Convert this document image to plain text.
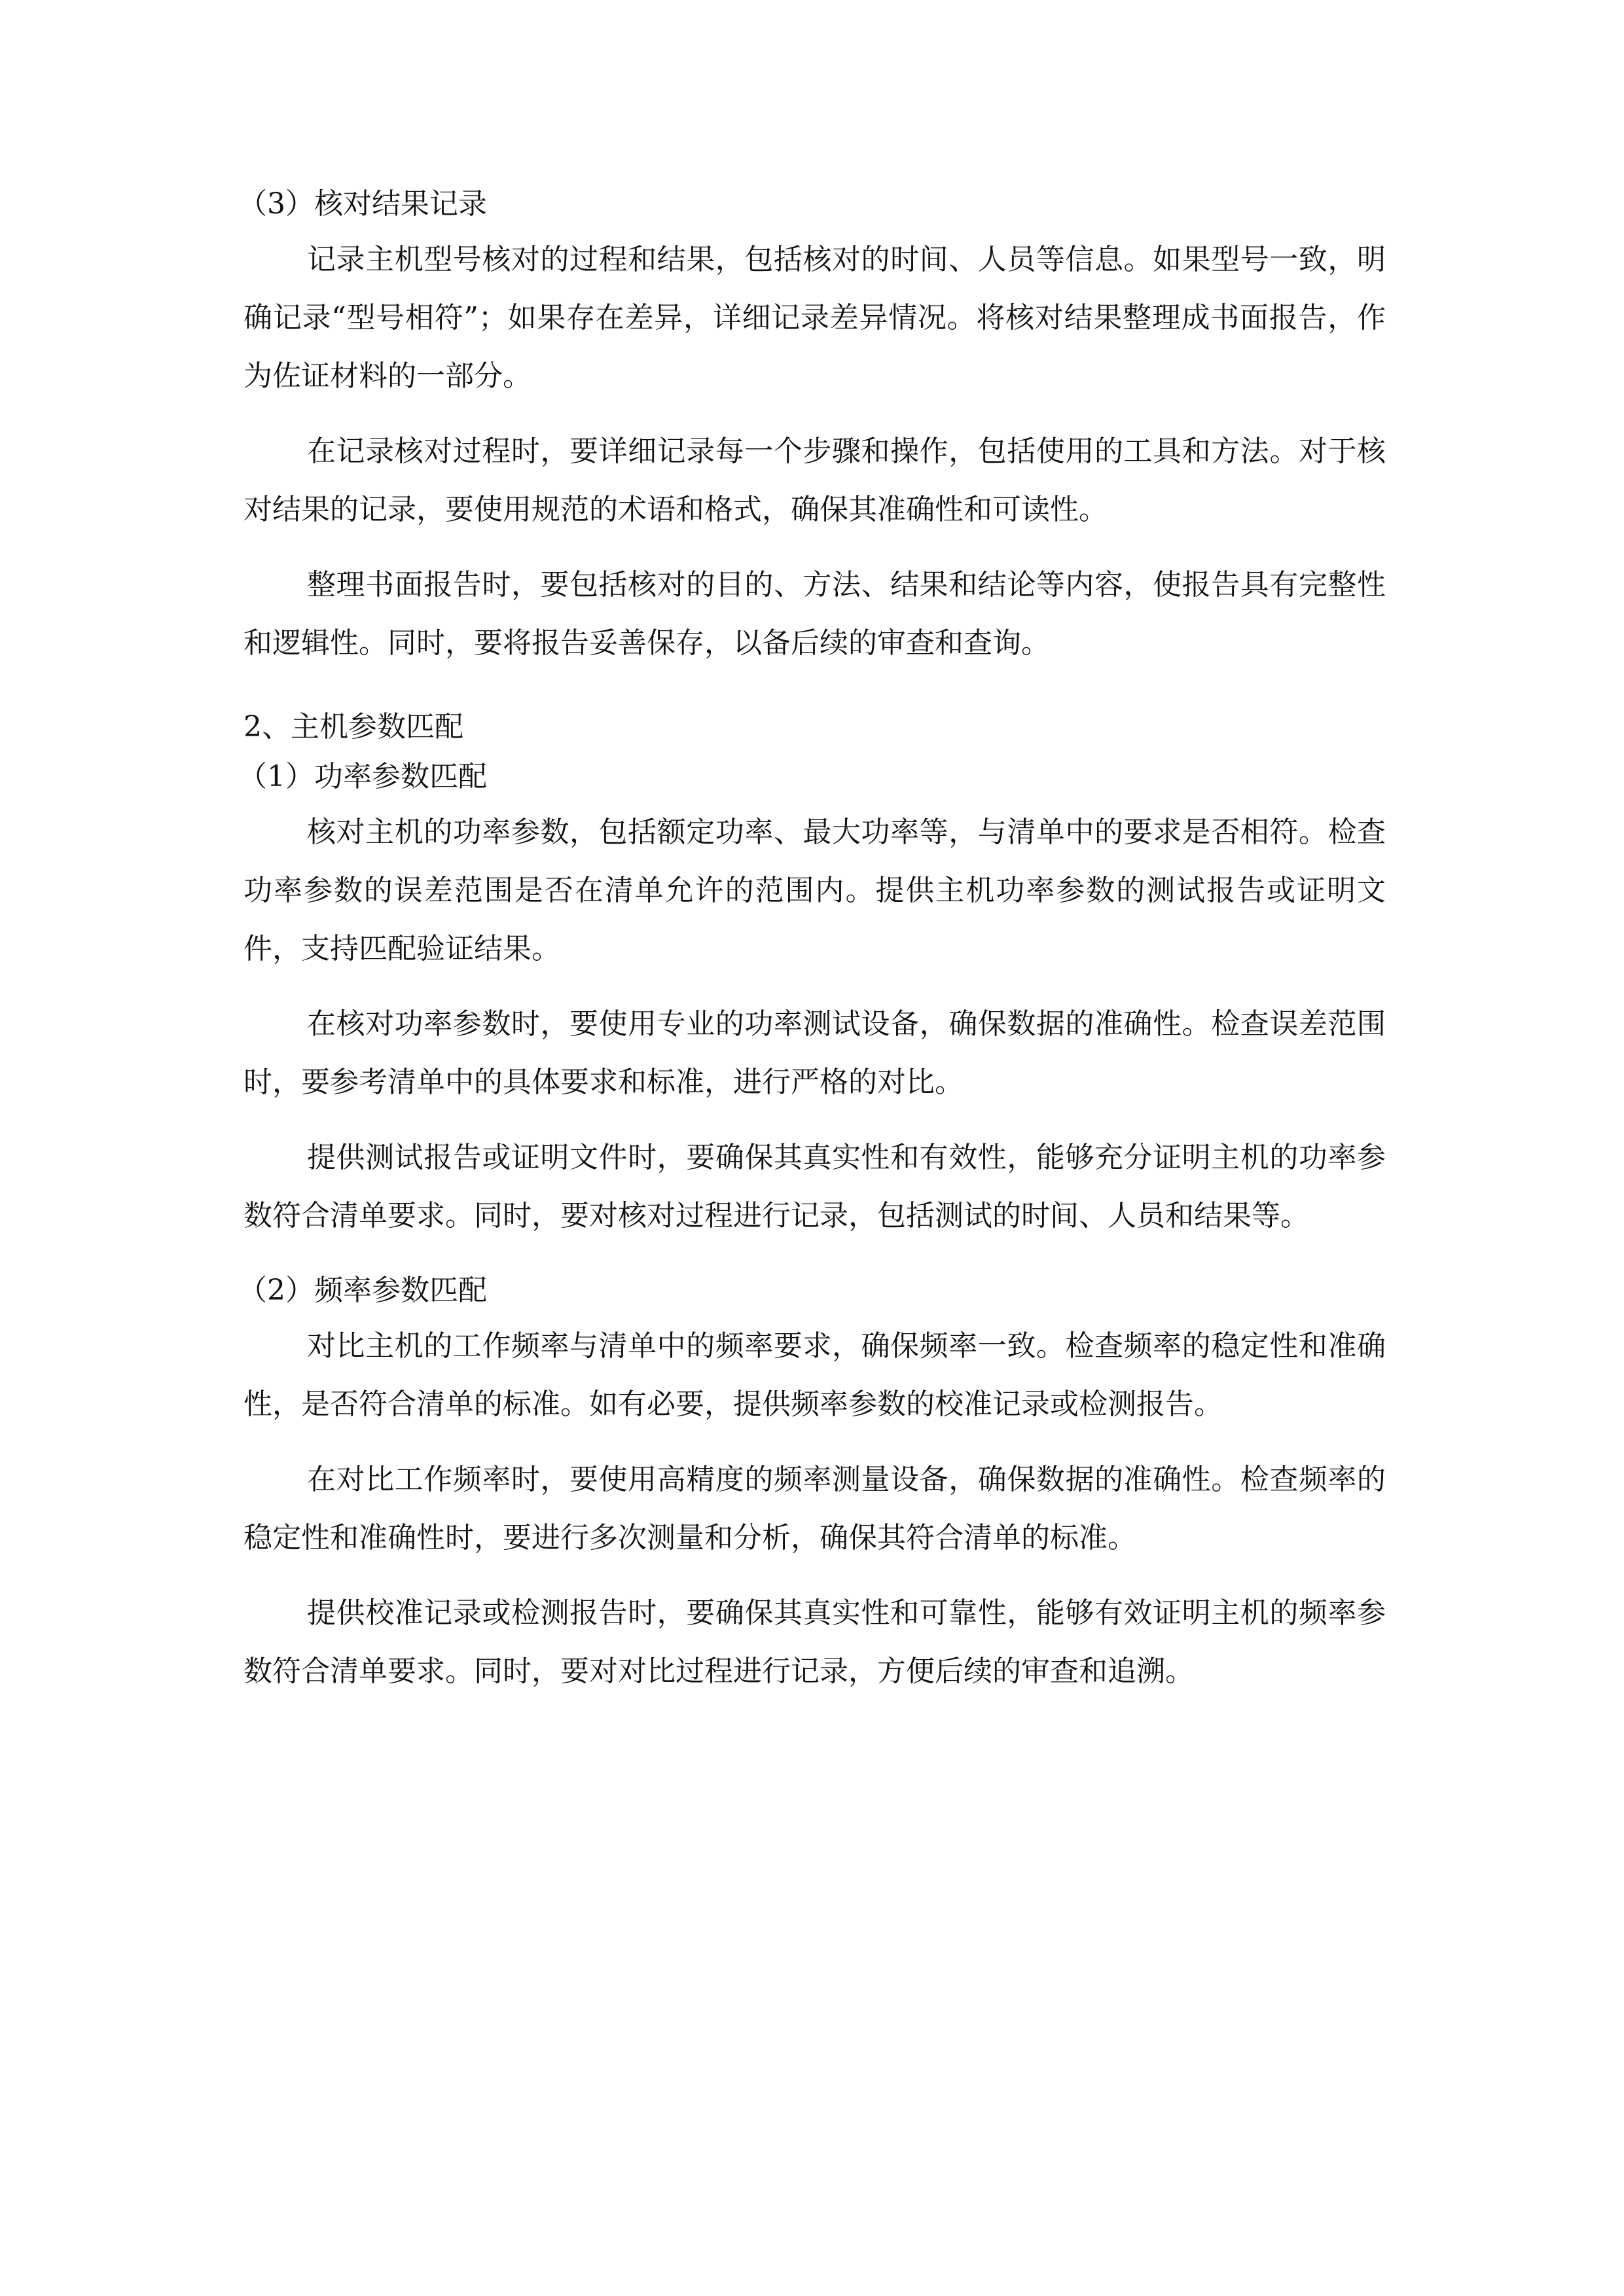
（3）核对结果记录

记录主机型号核对的过程和结果，包括核对的时间、人员等信息。如果型号一致，明确记录“型号相符”；如果存在差异，详细记录差异情况。将核对结果整理成书面报告，作为佐证材料的一部分。

在记录核对过程时，要详细记录每一个步骤和操作，包括使用的工具和方法。对于核对结果的记录，要使用规范的术语和格式，确保其准确性和可读性。

整理书面报告时，要包括核对的目的、方法、结果和结论等内容，使报告具有完整性和逻辑性。同时，要将报告妥善保存，以备后续的审查和查询。

2、主机参数匹配
（1）功率参数匹配

核对主机的功率参数，包括额定功率、最大功率等，与清单中的要求是否相符。检查功率参数的误差范围是否在清单允许的范围内。提供主机功率参数的测试报告或证明文件，支持匹配验证结果。

在核对功率参数时，要使用专业的功率测试设备，确保数据的准确性。检查误差范围时，要参考清单中的具体要求和标准，进行严格的对比。

提供测试报告或证明文件时，要确保其真实性和有效性，能够充分证明主机的功率参数符合清单要求。同时，要对核对过程进行记录，包括测试的时间、人员和结果等。

（2）频率参数匹配

对比主机的工作频率与清单中的频率要求，确保频率一致。检查频率的稳定性和准确性，是否符合清单的标准。如有必要，提供频率参数的校准记录或检测报告。

在对比工作频率时，要使用高精度的频率测量设备，确保数据的准确性。检查频率的稳定性和准确性时，要进行多次测量和分析，确保其符合清单的标准。

提供校准记录或检测报告时，要确保其真实性和可靠性，能够有效证明主机的频率参数符合清单要求。同时，要对对比过程进行记录，方便后续的审查和追溯。
